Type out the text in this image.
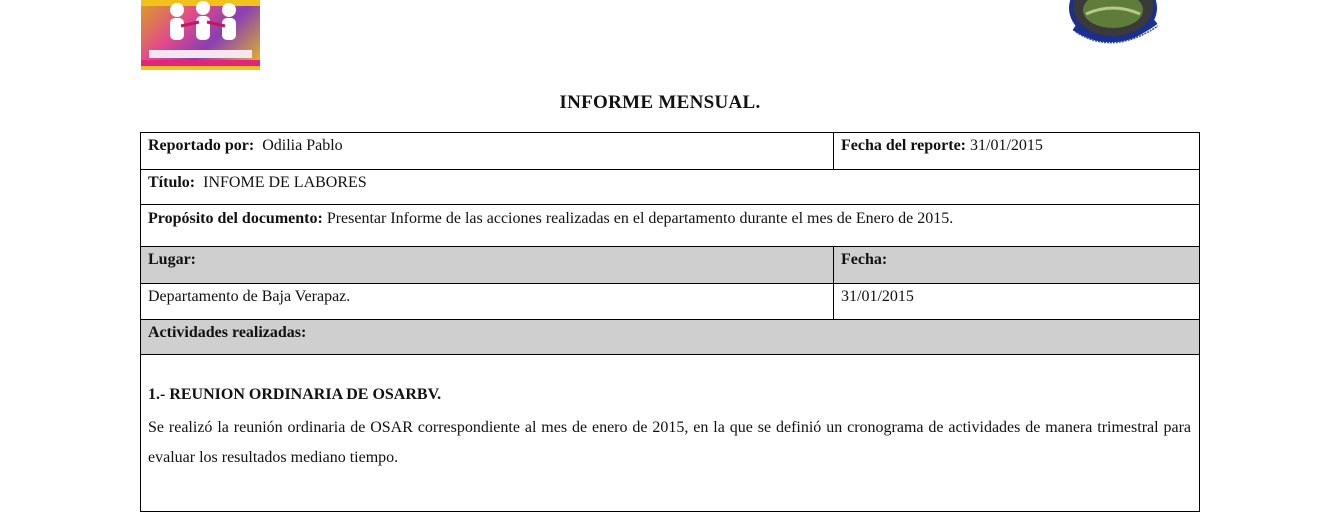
INFORME MENSUAL.
Reportado por: Odilia Pablo	Fecha del reporte: 31/01/2015
Título: INFOME DE LABORES
Propósito del documento: Presentar Informe de las acciones realizadas en el departamento durante el mes de Enero de 2015.
Lugar:	Fecha:
Departamento de Baja Verapaz.	31/01/2015
Actividades realizadas:
1.- REUNION ORDINARIA DE OSARBV.
Se realizó la reunión ordinaria de OSAR correspondiente al mes de enero de 2015, en la que se definió un cronograma de actividades de manera trimestral para evaluar los resultados mediano tiempo.
